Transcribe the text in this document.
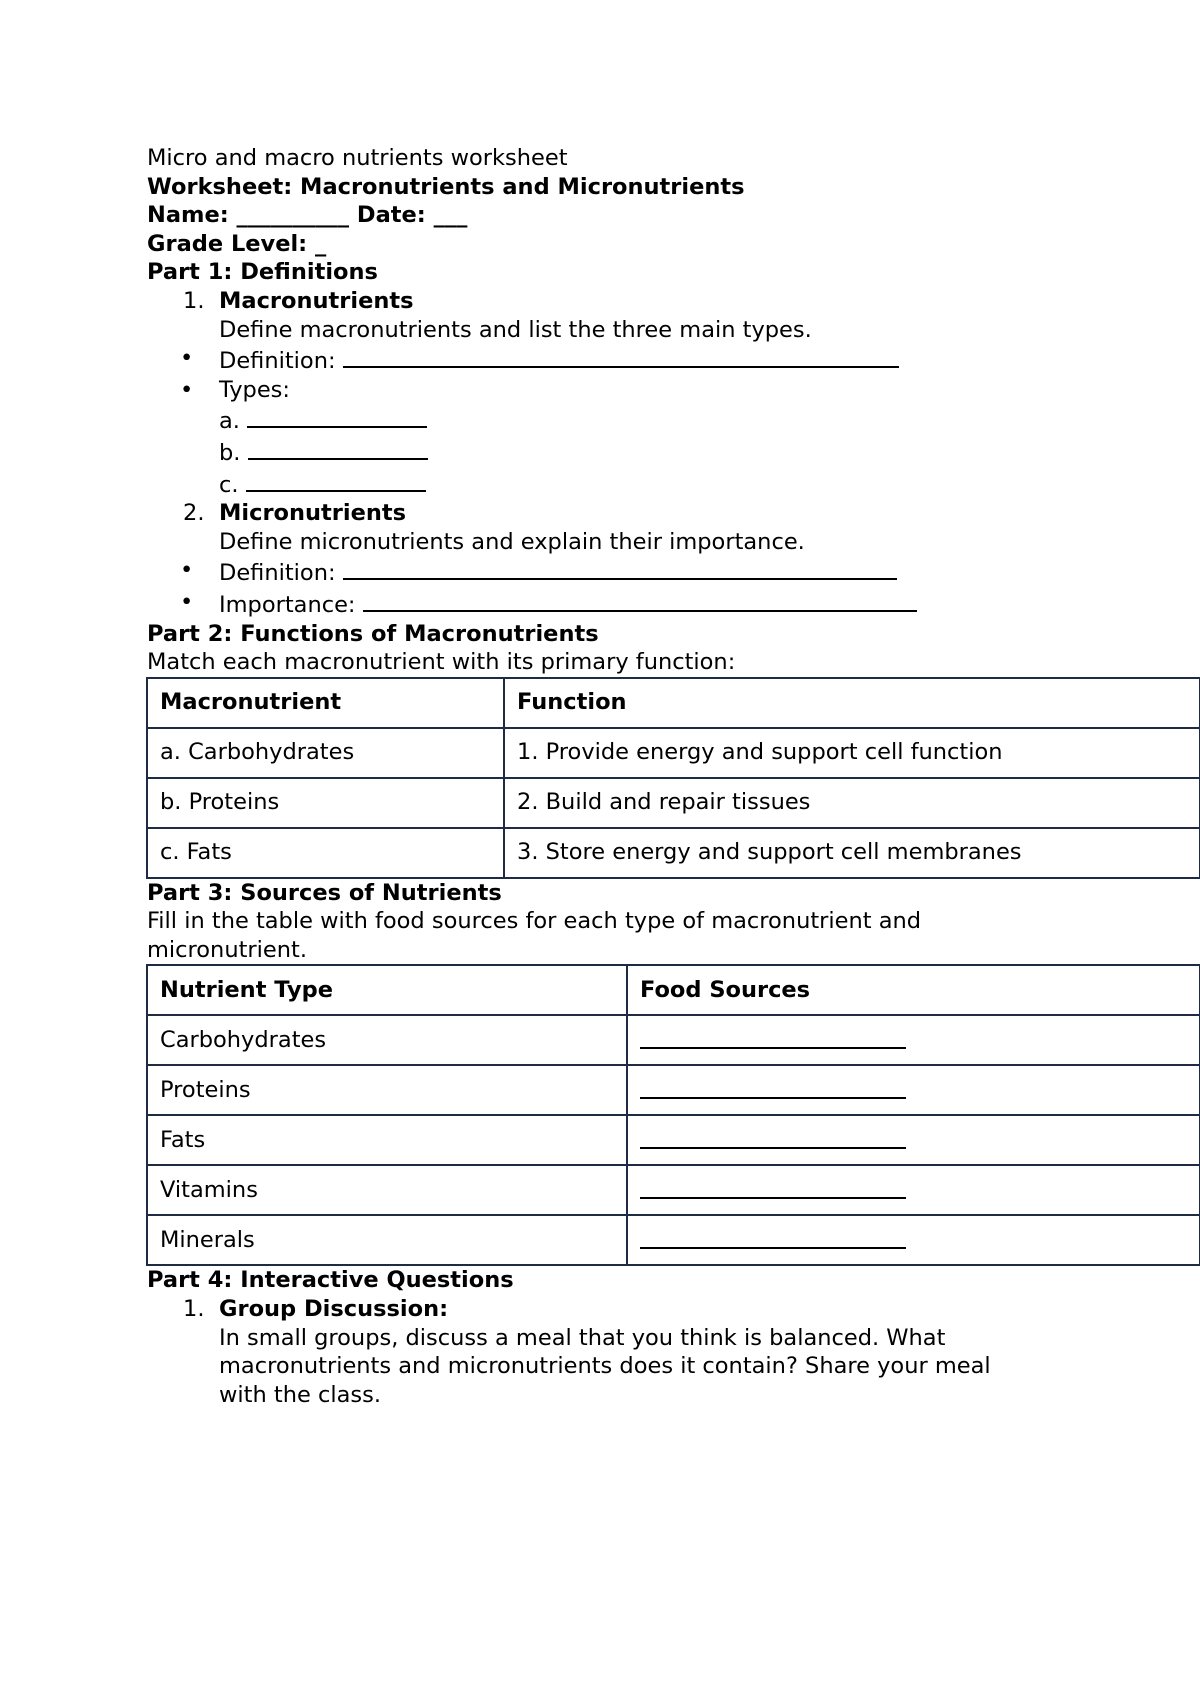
Micro and macro nutrients worksheet
Worksheet: Macronutrients and Micronutrients
Name: __________ Date: ___
Grade Level: _
Part 1: Definitions
1. Macronutrients
Define macronutrients and list the three main types.
• Definition:
• Types:
a.
b.
c.
2. Micronutrients
Define micronutrients and explain their importance.
• Definition:
• Importance:
Part 2: Functions of Macronutrients
Match each macronutrient with its primary function:
Macronutrient	Function
a. Carbohydrates	1. Provide energy and support cell function
b. Proteins	2. Build and repair tissues
c. Fats	3. Store energy and support cell membranes
Part 3: Sources of Nutrients
Fill in the table with food sources for each type of macronutrient and micronutrient.
Nutrient Type	Food Sources
Carbohydrates	
Proteins	
Fats	
Vitamins	
Minerals	
Part 4: Interactive Questions
1. Group Discussion:
In small groups, discuss a meal that you think is balanced. What
macronutrients and micronutrients does it contain? Share your meal
with the class.
